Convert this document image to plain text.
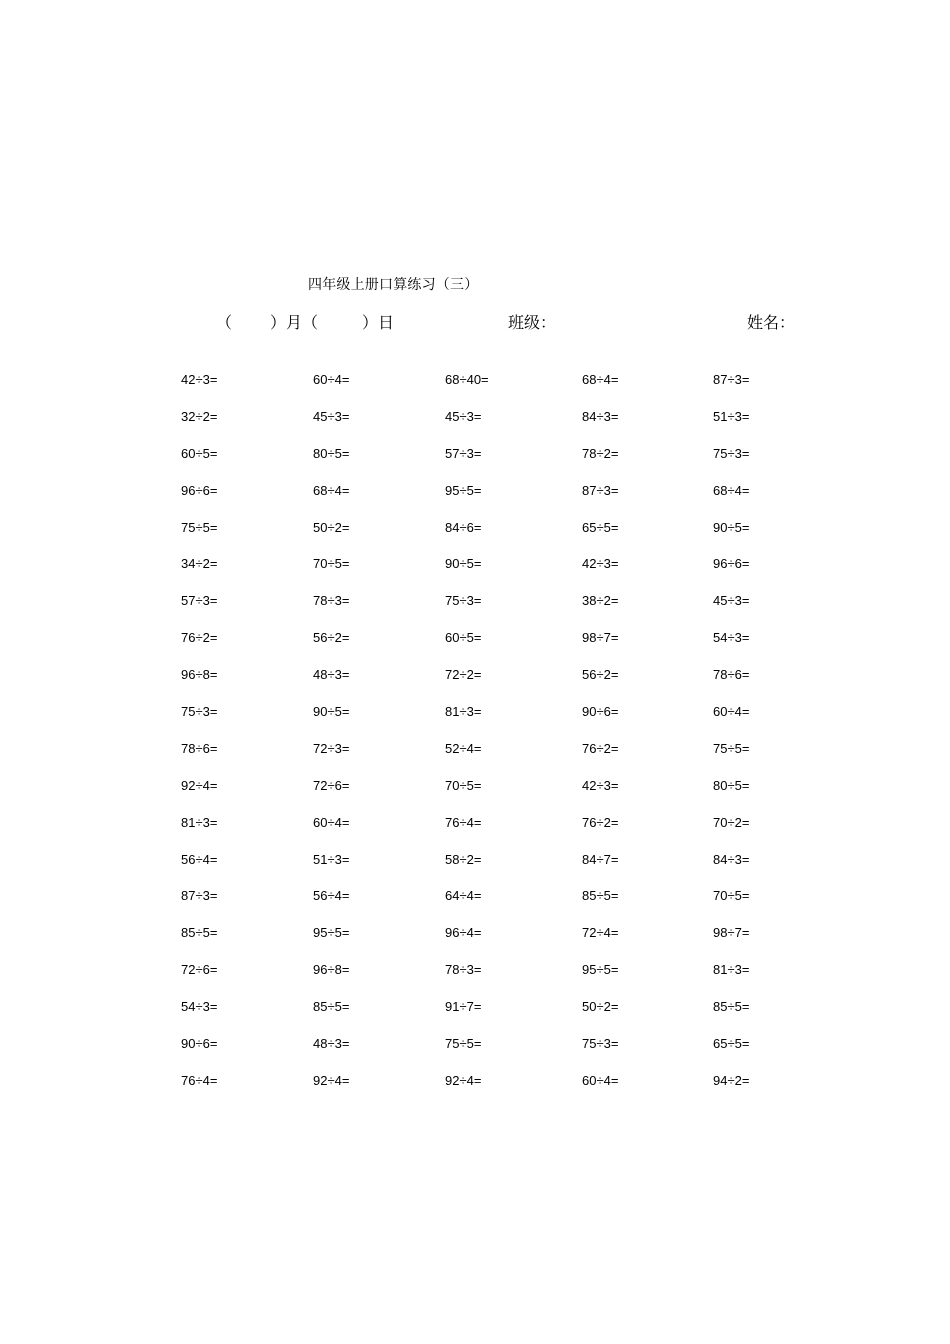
四年级上册口算练习（三）
（ ）月（	）日	班级：	姓名：
42÷3=	60÷4=	68÷40=	68÷4=	87÷3=
32÷2=	45÷3=	45÷3=	84÷3=	51÷3=
60÷5=	80÷5=	57÷3=	78÷2=	75÷3=
96÷6=	68÷4=	95÷5=	87÷3=	68÷4=
75÷5=	50÷2=	84÷6=	65÷5=	90÷5=
34÷2=	70÷5=	90÷5=	42÷3=	96÷6=
57÷3=	78÷3=	75÷3=	38÷2=	45÷3=
76÷2=	56÷2=	60÷5=	98÷7=	54÷3=
96÷8=	48÷3=	72÷2=	56÷2=	78÷6=
75÷3=	90÷5=	81÷3=	90÷6=	60÷4=
78÷6=	72÷3=	52÷4=	76÷2=	75÷5=
92÷4=	72÷6=	70÷5=	42÷3=	80÷5=
81÷3=	60÷4=	76÷4=	76÷2=	70÷2=
56÷4=	51÷3=	58÷2=	84÷7=	84÷3=
87÷3=	56÷4=	64÷4=	85÷5=	70÷5=
85÷5=	95÷5=	96÷4=	72÷4=	98÷7=
72÷6=	96÷8=	78÷3=	95÷5=	81÷3=
54÷3=	85÷5=	91÷7=	50÷2=	85÷5=
90÷6=	48÷3=	75÷5=	75÷3=	65÷5=
76÷4=	92÷4=	92÷4=	60÷4=	94÷2=
